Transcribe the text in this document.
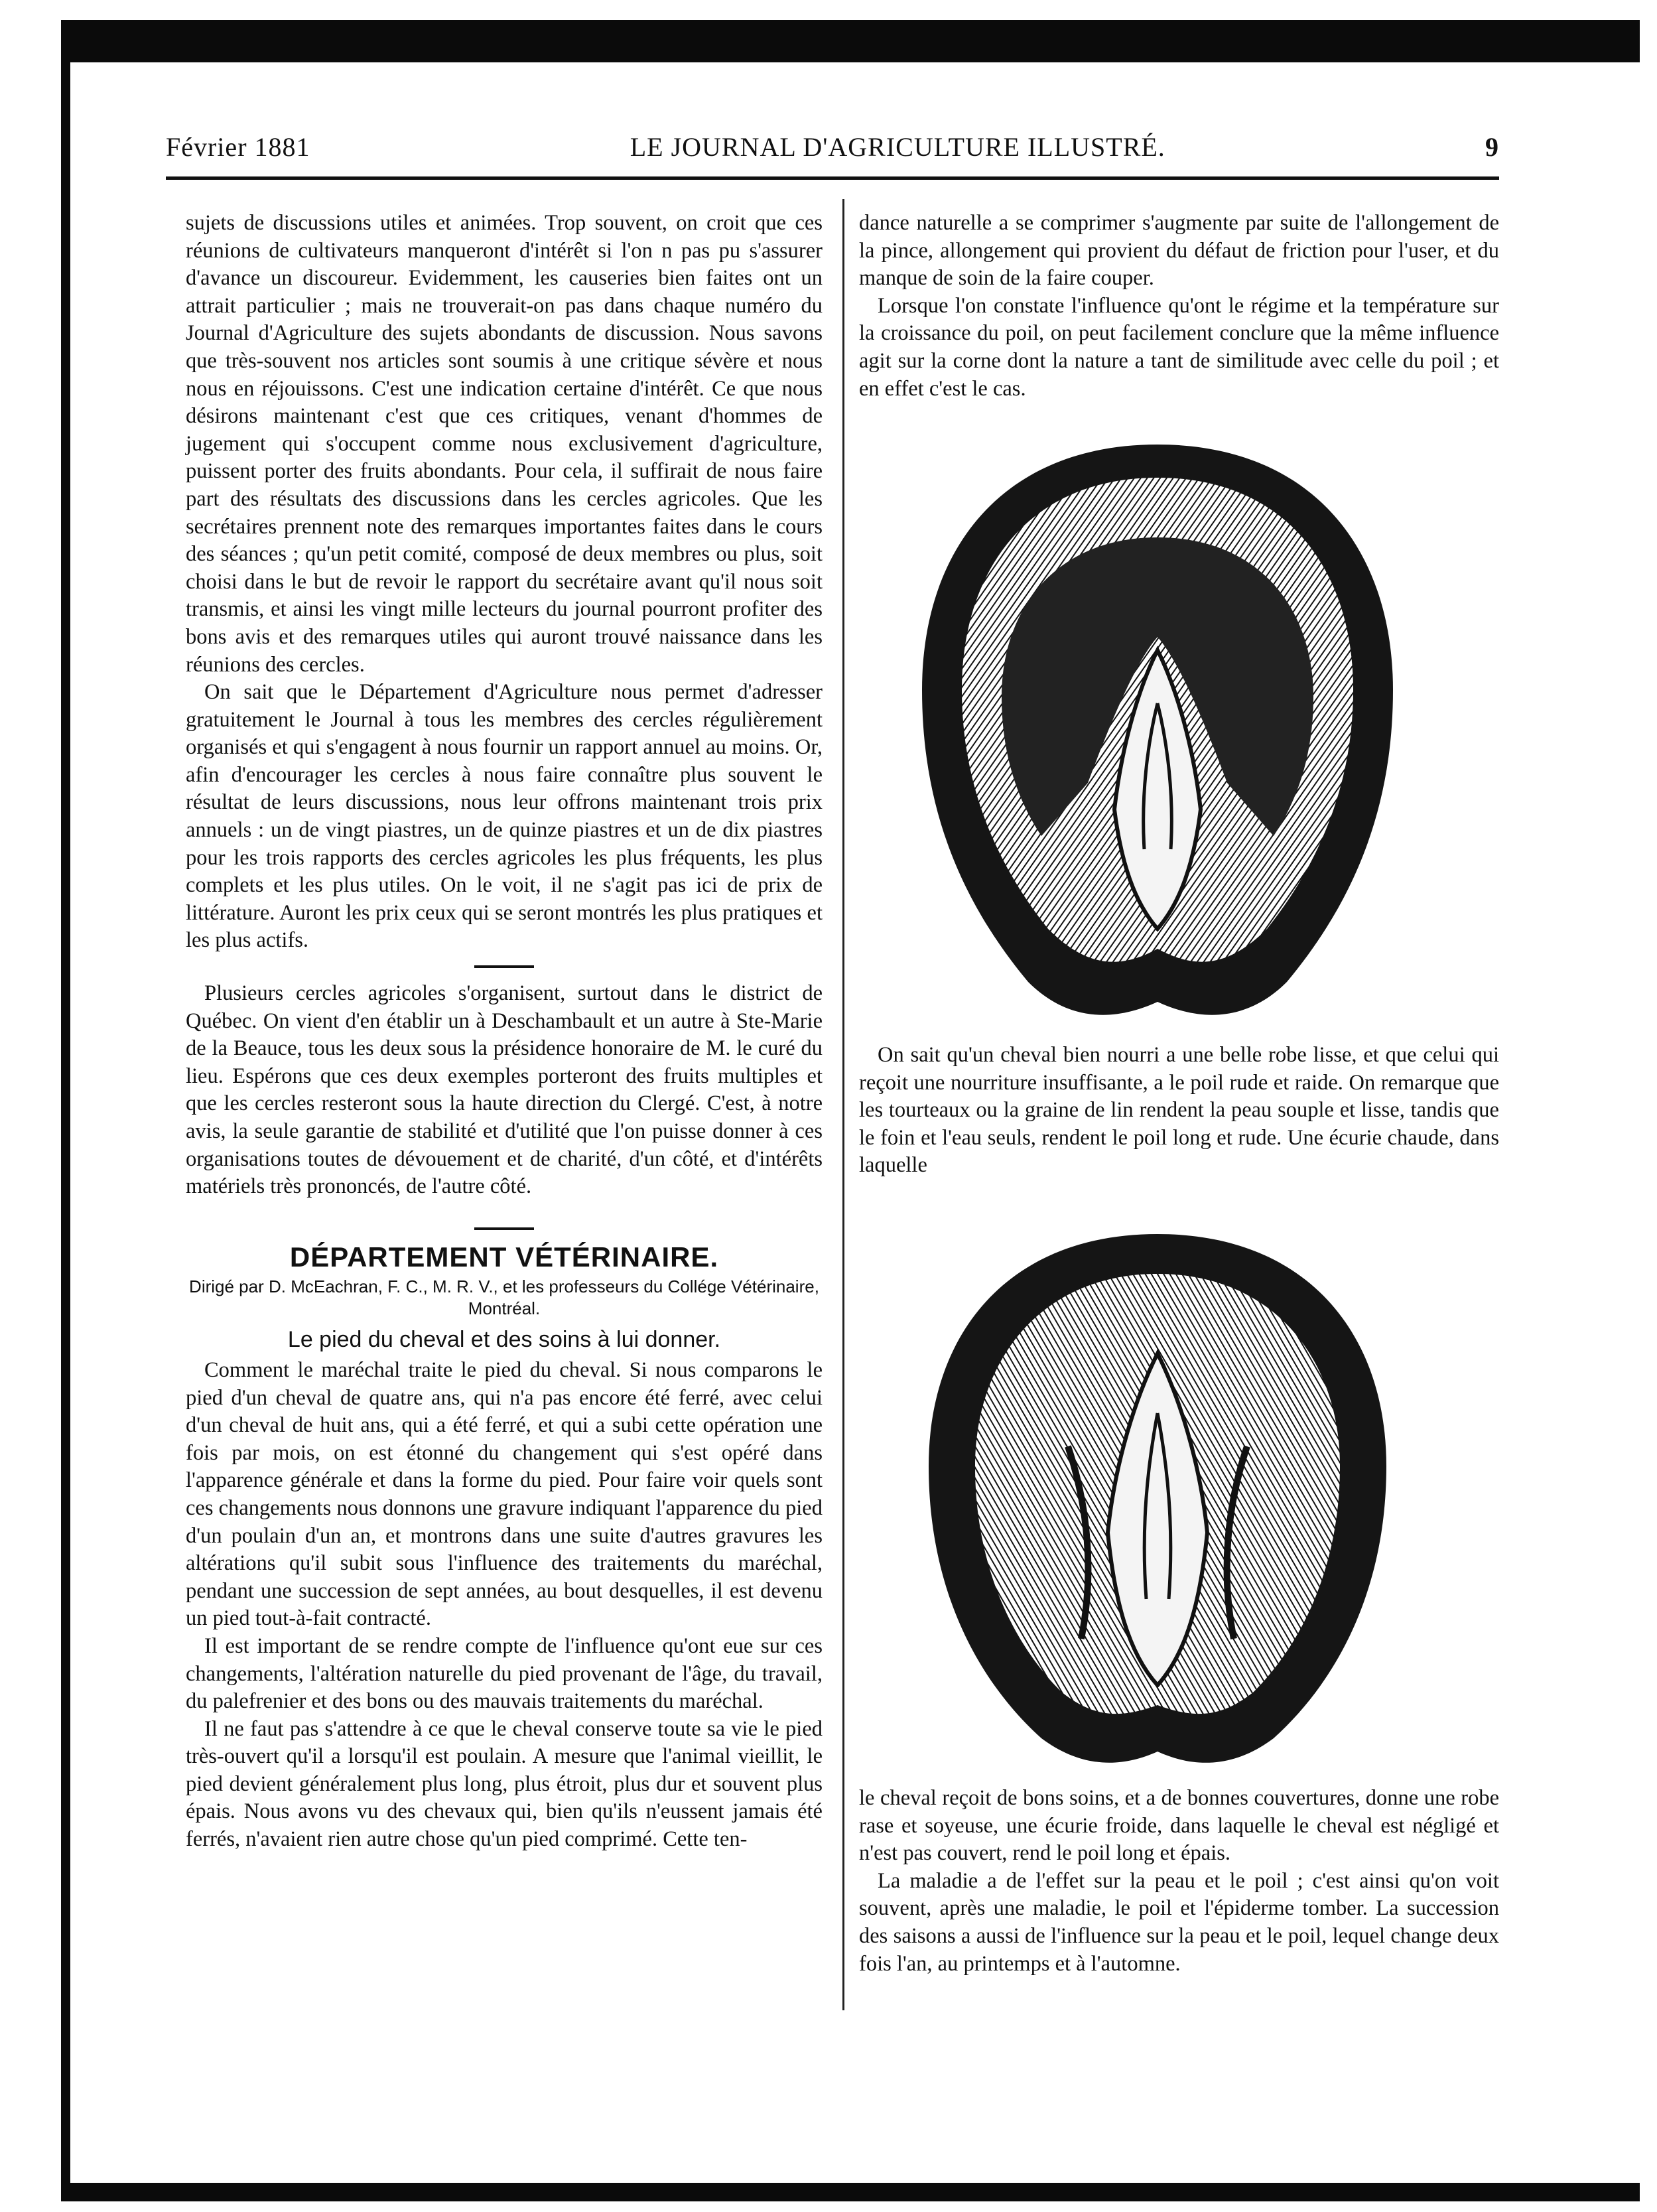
Février 1881	LE JOURNAL D'AGRICULTURE ILLUSTRÉ.	9

sujets de discussions utiles et animées. Trop souvent, on croit que ces réunions de cultivateurs manqueront d'intérêt si l'on n pas pu s'assurer d'avance un discoureur. Evidemment, les causeries bien faites ont un attrait particulier ; mais ne trouverait-on pas dans chaque numéro du Journal d'Agriculture des sujets abondants de discussion. Nous savons que très-souvent nos articles sont soumis à une critique sévère et nous nous en réjouissons. C'est une indication certaine d'intérêt. Ce que nous désirons maintenant c'est que ces critiques, venant d'hommes de jugement qui s'occupent comme nous exclusivement d'agriculture, puissent porter des fruits abondants. Pour cela, il suffirait de nous faire part des résultats des discussions dans les cercles agricoles. Que les secrétaires prennent note des remarques importantes faites dans le cours des séances ; qu'un petit comité, composé de deux membres ou plus, soit choisi dans le but de revoir le rapport du secrétaire avant qu'il nous soit transmis, et ainsi les vingt mille lecteurs du journal pourront profiter des bons avis et des remarques utiles qui auront trouvé naissance dans les réunions des cercles.

On sait que le Département d'Agriculture nous permet d'adresser gratuitement le Journal à tous les membres des cercles régulièrement organisés et qui s'engagent à nous fournir un rapport annuel au moins. Or, afin d'encourager les cercles à nous faire connaître plus souvent le résultat de leurs discussions, nous leur offrons maintenant trois prix annuels : un de vingt piastres, un de quinze piastres et un de dix piastres pour les trois rapports des cercles agricoles les plus fréquents, les plus complets et les plus utiles. On le voit, il ne s'agit pas ici de prix de littérature. Auront les prix ceux qui se seront montrés les plus pratiques et les plus actifs.

Plusieurs cercles agricoles s'organisent, surtout dans le district de Québec. On vient d'en établir un à Deschambault et un autre à Ste-Marie de la Beauce, tous les deux sous la présidence honoraire de M. le curé du lieu. Espérons que ces deux exemples porteront des fruits multiples et que les cercles resteront sous la haute direction du Clergé. C'est, à notre avis, la seule garantie de stabilité et d'utilité que l'on puisse donner à ces organisations toutes de dévouement et de charité, d'un côté, et d'intérêts matériels très prononcés, de l'autre côté.

DÉPARTEMENT VÉTÉRINAIRE.
Dirigé par D. McEachran, F. C., M. R. V., et les professeurs du Collége Vétérinaire, Montréal.
Le pied du cheval et des soins à lui donner.

Comment le maréchal traite le pied du cheval. Si nous comparons le pied d'un cheval de quatre ans, qui n'a pas encore été ferré, avec celui d'un cheval de huit ans, qui a été ferré, et qui a subi cette opération une fois par mois, on est étonné du changement qui s'est opéré dans l'apparence générale et dans la forme du pied. Pour faire voir quels sont ces changements nous donnons une gravure indiquant l'apparence du pied d'un poulain d'un an, et montrons dans une suite d'autres gravures les altérations qu'il subit sous l'influence des traitements du maréchal, pendant une succession de sept années, au bout desquelles, il est devenu un pied tout-à-fait contracté.

Il est important de se rendre compte de l'influence qu'ont eue sur ces changements, l'altération naturelle du pied provenant de l'âge, du travail, du palefrenier et des bons ou des mauvais traitements du maréchal.

Il ne faut pas s'attendre à ce que le cheval conserve toute sa vie le pied très-ouvert qu'il a lorsqu'il est poulain. A mesure que l'animal vieillit, le pied devient généralement plus long, plus étroit, plus dur et souvent plus épais. Nous avons vu des chevaux qui, bien qu'ils n'eussent jamais été ferrés, n'avaient rien autre chose qu'un pied comprimé. Cette ten-

dance naturelle a se comprimer s'augmente par suite de l'allongement de la pince, allongement qui provient du défaut de friction pour l'user, et du manque de soin de la faire couper.

Lorsque l'on constate l'influence qu'ont le régime et la température sur la croissance du poil, on peut facilement conclure que la même influence agit sur la corne dont la nature a tant de similitude avec celle du poil ; et en effet c'est le cas.

On sait qu'un cheval bien nourri a une belle robe lisse, et que celui qui reçoit une nourriture insuffisante, a le poil rude et raide. On remarque que les tourteaux ou la graine de lin rendent la peau souple et lisse, tandis que le foin et l'eau seuls, rendent le poil long et rude. Une écurie chaude, dans laquelle

le cheval reçoit de bons soins, et a de bonnes couvertures, donne une robe rase et soyeuse, une écurie froide, dans laquelle le cheval est négligé et n'est pas couvert, rend le poil long et épais.

La maladie a de l'effet sur la peau et le poil ; c'est ainsi qu'on voit souvent, après une maladie, le poil et l'épiderme tomber. La succession des saisons a aussi de l'influence sur la peau et le poil, lequel change deux fois l'an, au printemps et à l'automne.
